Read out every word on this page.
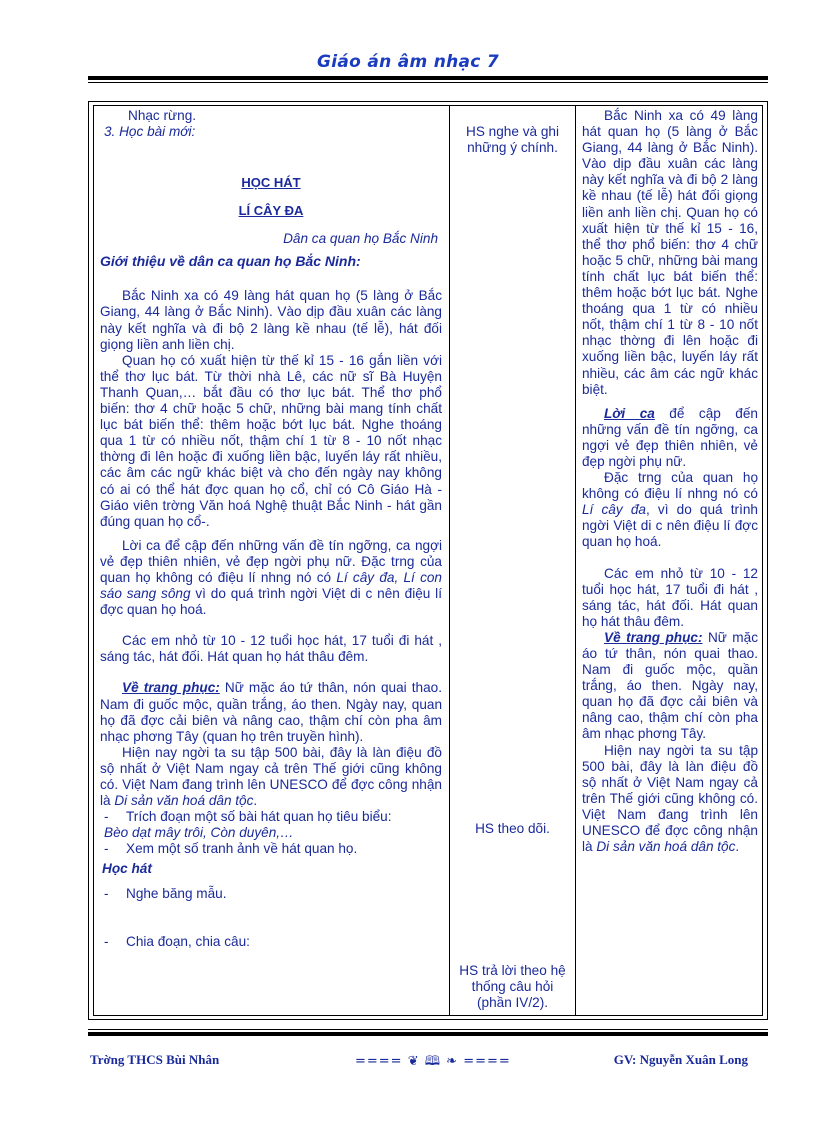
Giáo án âm nhạc 7

Nhạc rừng.

3. Học bài mới:

HỌC HÁT

LÍ CÂY ĐA

Dân ca quan họ Bắc Ninh

Giới thiệu về dân ca quan họ Bắc Ninh:

Bắc Ninh xa có 49 làng hát quan họ (5 làng ở Bắc Giang, 44 làng ở Bắc Ninh). Vào dịp đầu xuân các làng này kết nghĩa và đi bộ 2 làng kề nhau (tế lễ), hát đối giọng liền anh liền chị.

Quan họ có xuất hiện từ thế kỉ 15 - 16 gắn liền với thể thơ lục bát. Từ thời nhà Lê, các nữ sĩ Bà Huyện Thanh Quan,… bắt đầu có thơ lục bát. Thể thơ phổ biến: thơ 4 chữ hoặc 5 chữ, những bài mang tính chất lục bát biến thể: thêm hoặc bớt lục bát. Nghe thoáng qua 1 từ có nhiều nốt, thậm chí 1 từ 8 - 10 nốt nhạc thờng đi lên hoặc đi xuống liền bậc, luyến láy rất nhiều, các âm các ngữ khác biệt và cho đến ngày nay không có ai có thể hát đợc quan họ cổ, chỉ có Cô Giáo Hà - Giáo viên trờng Văn hoá Nghệ thuật Bắc Ninh - hát gần đúng quan họ cổ-.

Lời ca để cập đến những vấn đề tín ngỡng, ca ngợi vẻ đẹp thiên nhiên, vẻ đẹp ngời phụ nữ. Đặc trng của quan họ không có điệu lí nhng nó có Lí cây đa, Lí con sáo sang sông vì do quá trình ngời Việt di c nên điệu lí đợc quan họ hoá.

Các em nhỏ từ 10 - 12 tuổi học hát, 17 tuổi đi hát , sáng tác, hát đối. Hát quan họ hát thâu đêm.

Về trang phục: Nữ mặc áo tứ thân, nón quai thao. Nam đi guốc mộc, quần trắng, áo then. Ngày nay, quan họ đã đợc cải biên và nâng cao, thậm chí còn pha âm nhạc phơng Tây (quan họ trên truyền hình).

Hiện nay ngời ta su tập 500 bài, đây là làn điệu đồ sộ nhất ở Việt Nam ngay cả trên Thế giới cũng không có. Việt Nam đang trình lên UNESCO để đợc công nhận là Di sản văn hoá dân tộc.

- Trích đoạn một số bài hát quan họ tiêu biểu:

Bèo dạt mây trôi, Còn duyên,…

- Xem một số tranh ảnh về hát quan họ.

Học hát

- Nghe băng mẫu.

- Chia đoạn, chia câu:

HS nghe và ghi những ý chính.
HS theo dõi.
HS trả lời theo hệ thống câu hỏi (phần IV/2).

Bắc Ninh xa có 49 làng hát quan họ (5 làng ở Bắc Giang, 44 làng ở Bắc Ninh). Vào dịp đầu xuân các làng này kết nghĩa và đi bộ 2 làng kề nhau (tế lễ) hát đối giọng liền anh liền chị. Quan họ có xuất hiện từ thế kỉ 15 - 16, thể thơ phổ biến: thơ 4 chữ hoặc 5 chữ, những bài mang tính chất lục bát biến thể: thêm hoặc bớt lục bát. Nghe thoáng qua 1 từ có nhiều nốt, thậm chí 1 từ 8 - 10 nốt nhạc thờng đi lên hoặc đi xuống liền bậc, luyến láy rất nhiều, các âm các ngữ khác biệt.

Lời ca để cập đến những vấn đề tín ngỡng, ca ngợi vẻ đẹp thiên nhiên, vẻ đẹp ngời phụ nữ.

Đặc trng của quan họ không có điệu lí nhng nó có Lí cây đa, vì do quá trình ngời Việt di c nên điệu lí đợc quan họ hoá.

Các em nhỏ từ 10 - 12 tuổi học hát, 17 tuổi đi hát , sáng tác, hát đối. Hát quan họ hát thâu đêm.

Về trang phục: Nữ mặc áo tứ thân, nón quai thao. Nam đi guốc mộc, quần trắng, áo then. Ngày nay, quan họ đã đợc cải biên và nâng cao, thậm chí còn pha âm nhạc phơng Tây.

Hiện nay ngời ta su tập 500 bài, đây là làn điệu đồ sộ nhất ở Việt Nam ngay cả trên Thế giới cũng không có. Việt Nam đang trình lên UNESCO để đợc công nhận là Di sản văn hoá dân tộc.

Trờng THCS Bùi Nhân	==== ❦ 🕮 ❧ ====	GV: Nguyễn Xuân Long
